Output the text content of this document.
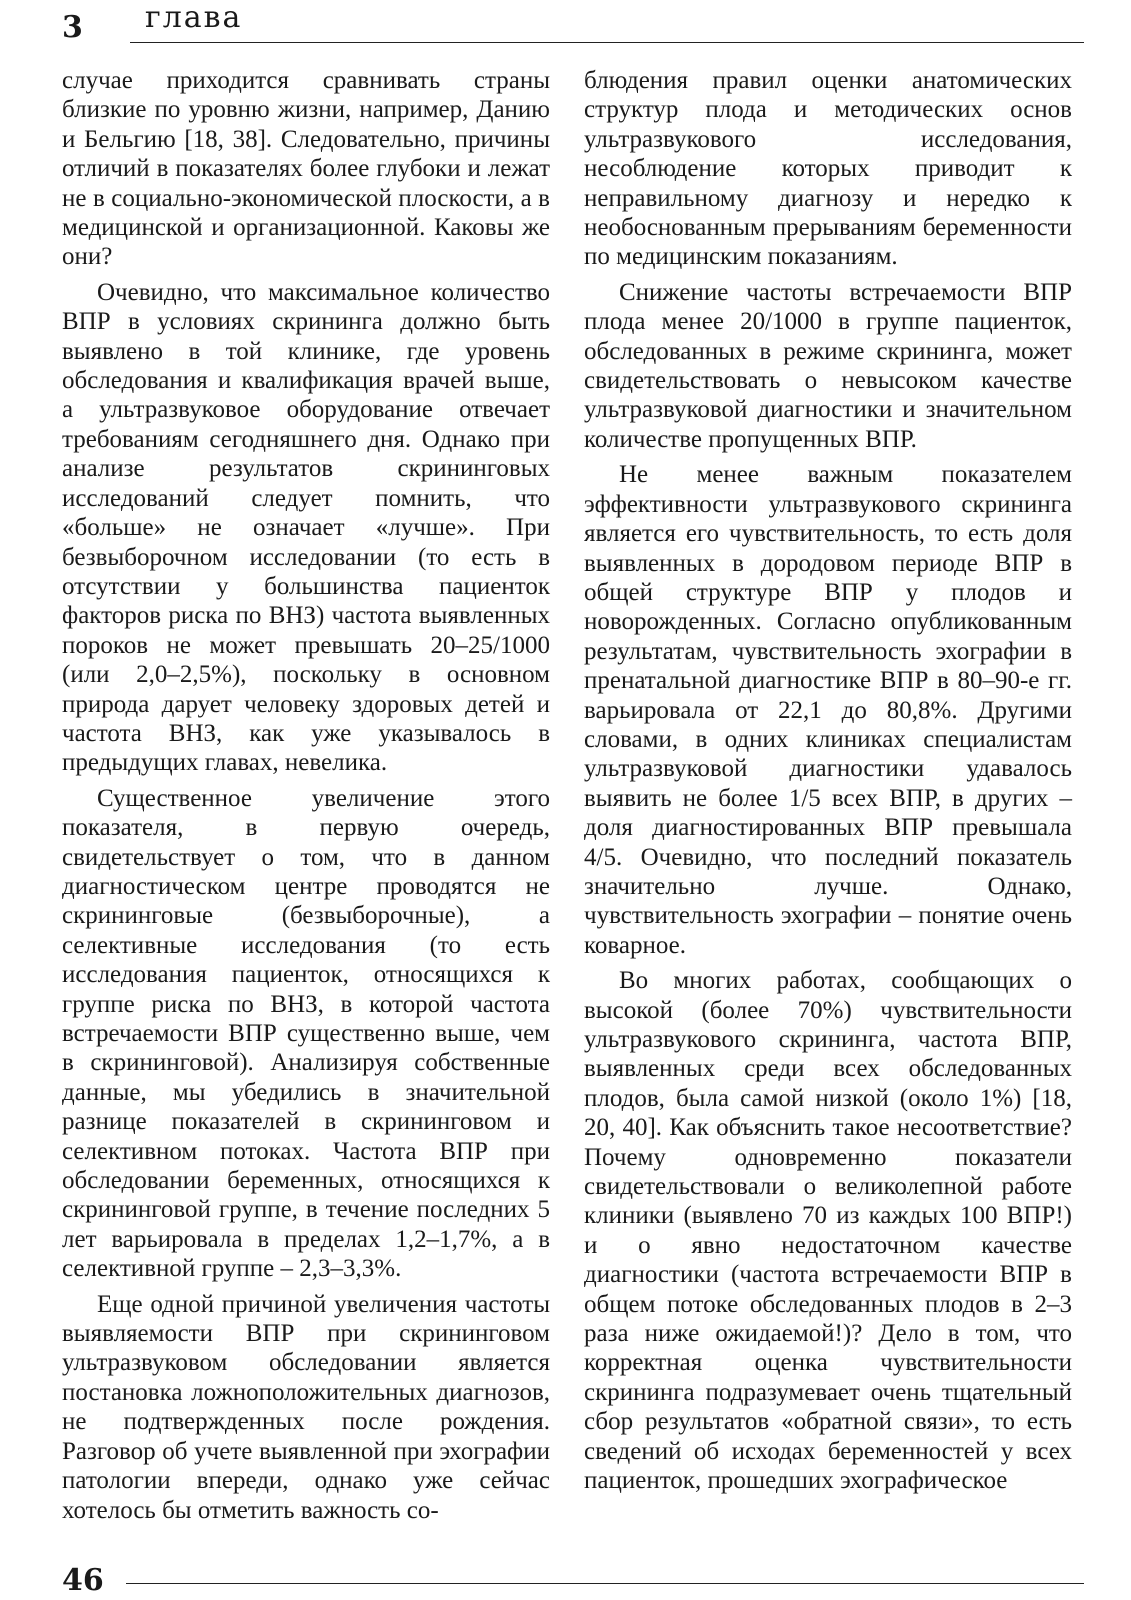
3 глава

случае приходится сравнивать страны близкие по уровню жизни, например, Данию и Бельгию [18, 38]. Следовательно, причины отличий в показателях более глубоки и лежат не в социально-экономической плоскости, а в медицинской и организационной. Каковы же они?

Очевидно, что максимальное количество ВПР в условиях скрининга должно быть выявлено в той клинике, где уровень обследования и квалификация врачей выше, а ультразвуковое оборудование отвечает требованиям сегодняшнего дня. Однако при анализе результатов скрининговых исследований следует помнить, что «больше» не означает «лучше». При безвыборочном исследовании (то есть в отсутствии у большинства пациенток факторов риска по ВНЗ) частота выявленных пороков не может превышать 20–25/1000 (или 2,0–2,5%), поскольку в основном природа дарует человеку здоровых детей и частота ВНЗ, как уже указывалось в предыдущих главах, невелика.

Существенное увеличение этого показателя, в первую очередь, свидетельствует о том, что в данном диагностическом центре проводятся не скрининговые (безвыборочные), а селективные исследования (то есть исследования пациенток, относящихся к группе риска по ВНЗ, в которой частота встречаемости ВПР существенно выше, чем в скрининговой). Анализируя собственные данные, мы убедились в значительной разнице показателей в скрининговом и селективном потоках. Частота ВПР при обследовании беременных, относящихся к скрининговой группе, в течение последних 5 лет варьировала в пределах 1,2–1,7%, а в селективной группе – 2,3–3,3%.

Еще одной причиной увеличения частоты выявляемости ВПР при скрининговом ультразвуковом обследовании является постановка ложноположительных диагнозов, не подтвержденных после рождения. Разговор об учете выявленной при эхографии патологии впереди, однако уже сейчас хотелось бы отметить важность со-

блюдения правил оценки анатомических структур плода и методических основ ультразвукового исследования, несоблюдение которых приводит к неправильному диагнозу и нередко к необоснованным прерываниям беременности по медицинским показаниям.

Снижение частоты встречаемости ВПР плода менее 20/1000 в группе пациенток, обследованных в режиме скрининга, может свидетельствовать о невысоком качестве ультразвуковой диагностики и значительном количестве пропущенных ВПР.

Не менее важным показателем эффективности ультразвукового скрининга является его чувствительность, то есть доля выявленных в дородовом периоде ВПР в общей структуре ВПР у плодов и новорожденных. Согласно опубликованным результатам, чувствительность эхографии в пренатальной диагностике ВПР в 80–90-е гг. варьировала от 22,1 до 80,8%. Другими словами, в одних клиниках специалистам ультразвуковой диагностики удавалось выявить не более 1/5 всех ВПР, в других – доля диагностированных ВПР превышала 4/5. Очевидно, что последний показатель значительно лучше. Однако, чувствительность эхографии – понятие очень коварное.

Во многих работах, сообщающих о высокой (более 70%) чувствительности ультразвукового скрининга, частота ВПР, выявленных среди всех обследованных плодов, была самой низкой (около 1%) [18, 20, 40]. Как объяснить такое несоответствие? Почему одновременно показатели свидетельствовали о великолепной работе клиники (выявлено 70 из каждых 100 ВПР!) и о явно недостаточном качестве диагностики (частота встречаемости ВПР в общем потоке обследованных плодов в 2–3 раза ниже ожидаемой!)? Дело в том, что корректная оценка чувствительности скрининга подразумевает очень тщательный сбор результатов «обратной связи», то есть сведений об исходах беременностей у всех пациенток, прошедших эхографическое

46
